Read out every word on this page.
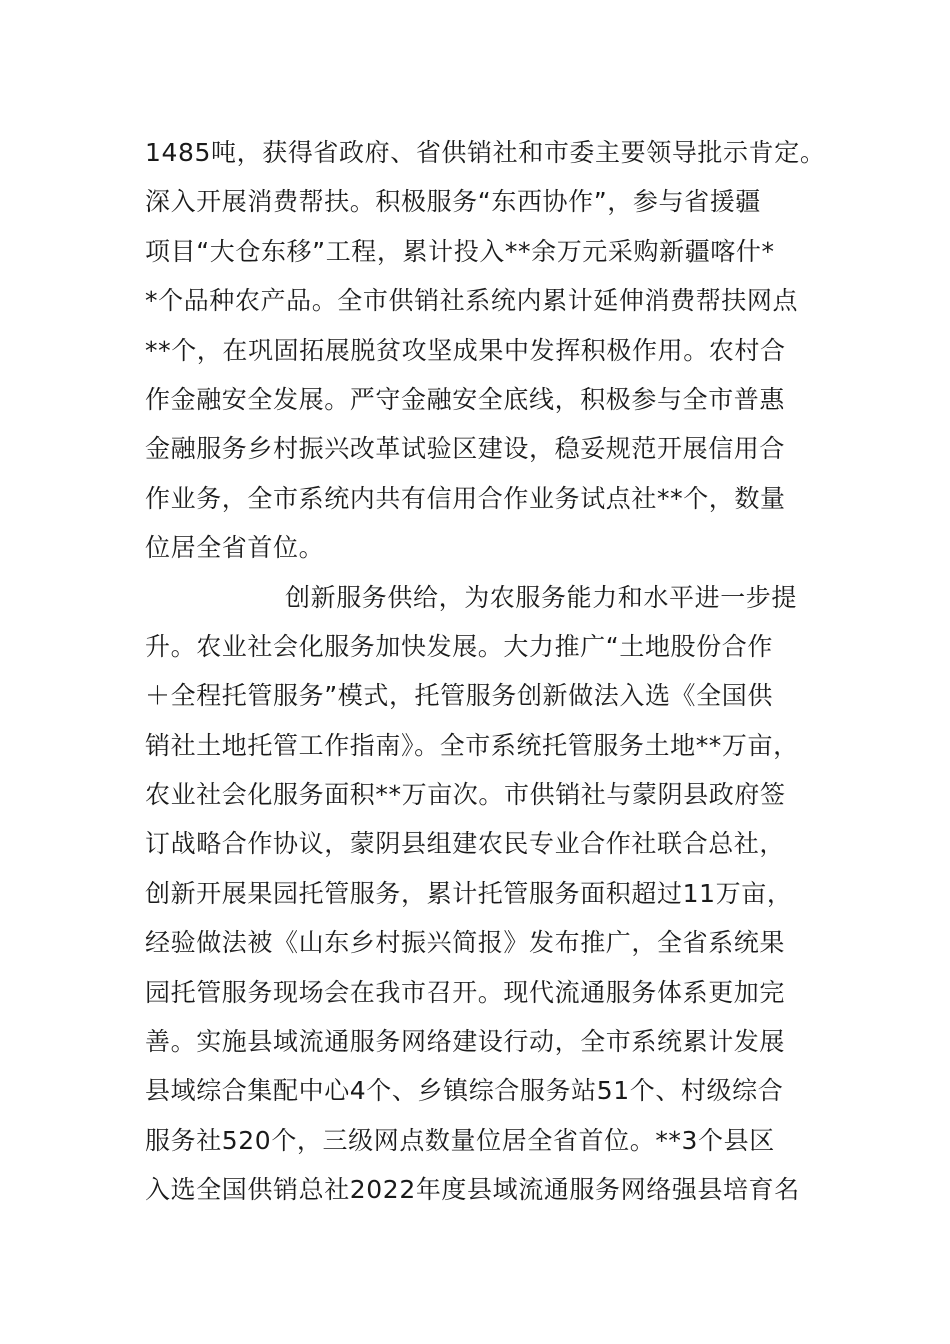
1485吨，获得省政府、省供销社和市委主要领导批示肯定。
深入开展消费帮扶。积极服务“东西协作”，参与省援疆
项目“大仓东移”工程，累计投入**余万元采购新疆喀什*
*个品种农产品。全市供销社系统内累计延伸消费帮扶网点
**个，在巩固拓展脱贫攻坚成果中发挥积极作用。农村合
作金融安全发展。严守金融安全底线，积极参与全市普惠
金融服务乡村振兴改革试验区建设，稳妥规范开展信用合
作业务，全市系统内共有信用合作业务试点社**个，数量
位居全省首位。
创新服务供给，为农服务能力和水平进一步提
升。农业社会化服务加快发展。大力推广“土地股份合作
＋全程托管服务”模式，托管服务创新做法入选《全国供
销社土地托管工作指南》。全市系统托管服务土地**万亩，
农业社会化服务面积**万亩次。市供销社与蒙阴县政府签
订战略合作协议，蒙阴县组建农民专业合作社联合总社，
创新开展果园托管服务，累计托管服务面积超过11万亩，
经验做法被《山东乡村振兴简报》发布推广，全省系统果
园托管服务现场会在我市召开。现代流通服务体系更加完
善。实施县域流通服务网络建设行动，全市系统累计发展
县域综合集配中心4个、乡镇综合服务站51个、村级综合
服务社520个，三级网点数量位居全省首位。**3个县区
入选全国供销总社2022年度县域流通服务网络强县培育名
